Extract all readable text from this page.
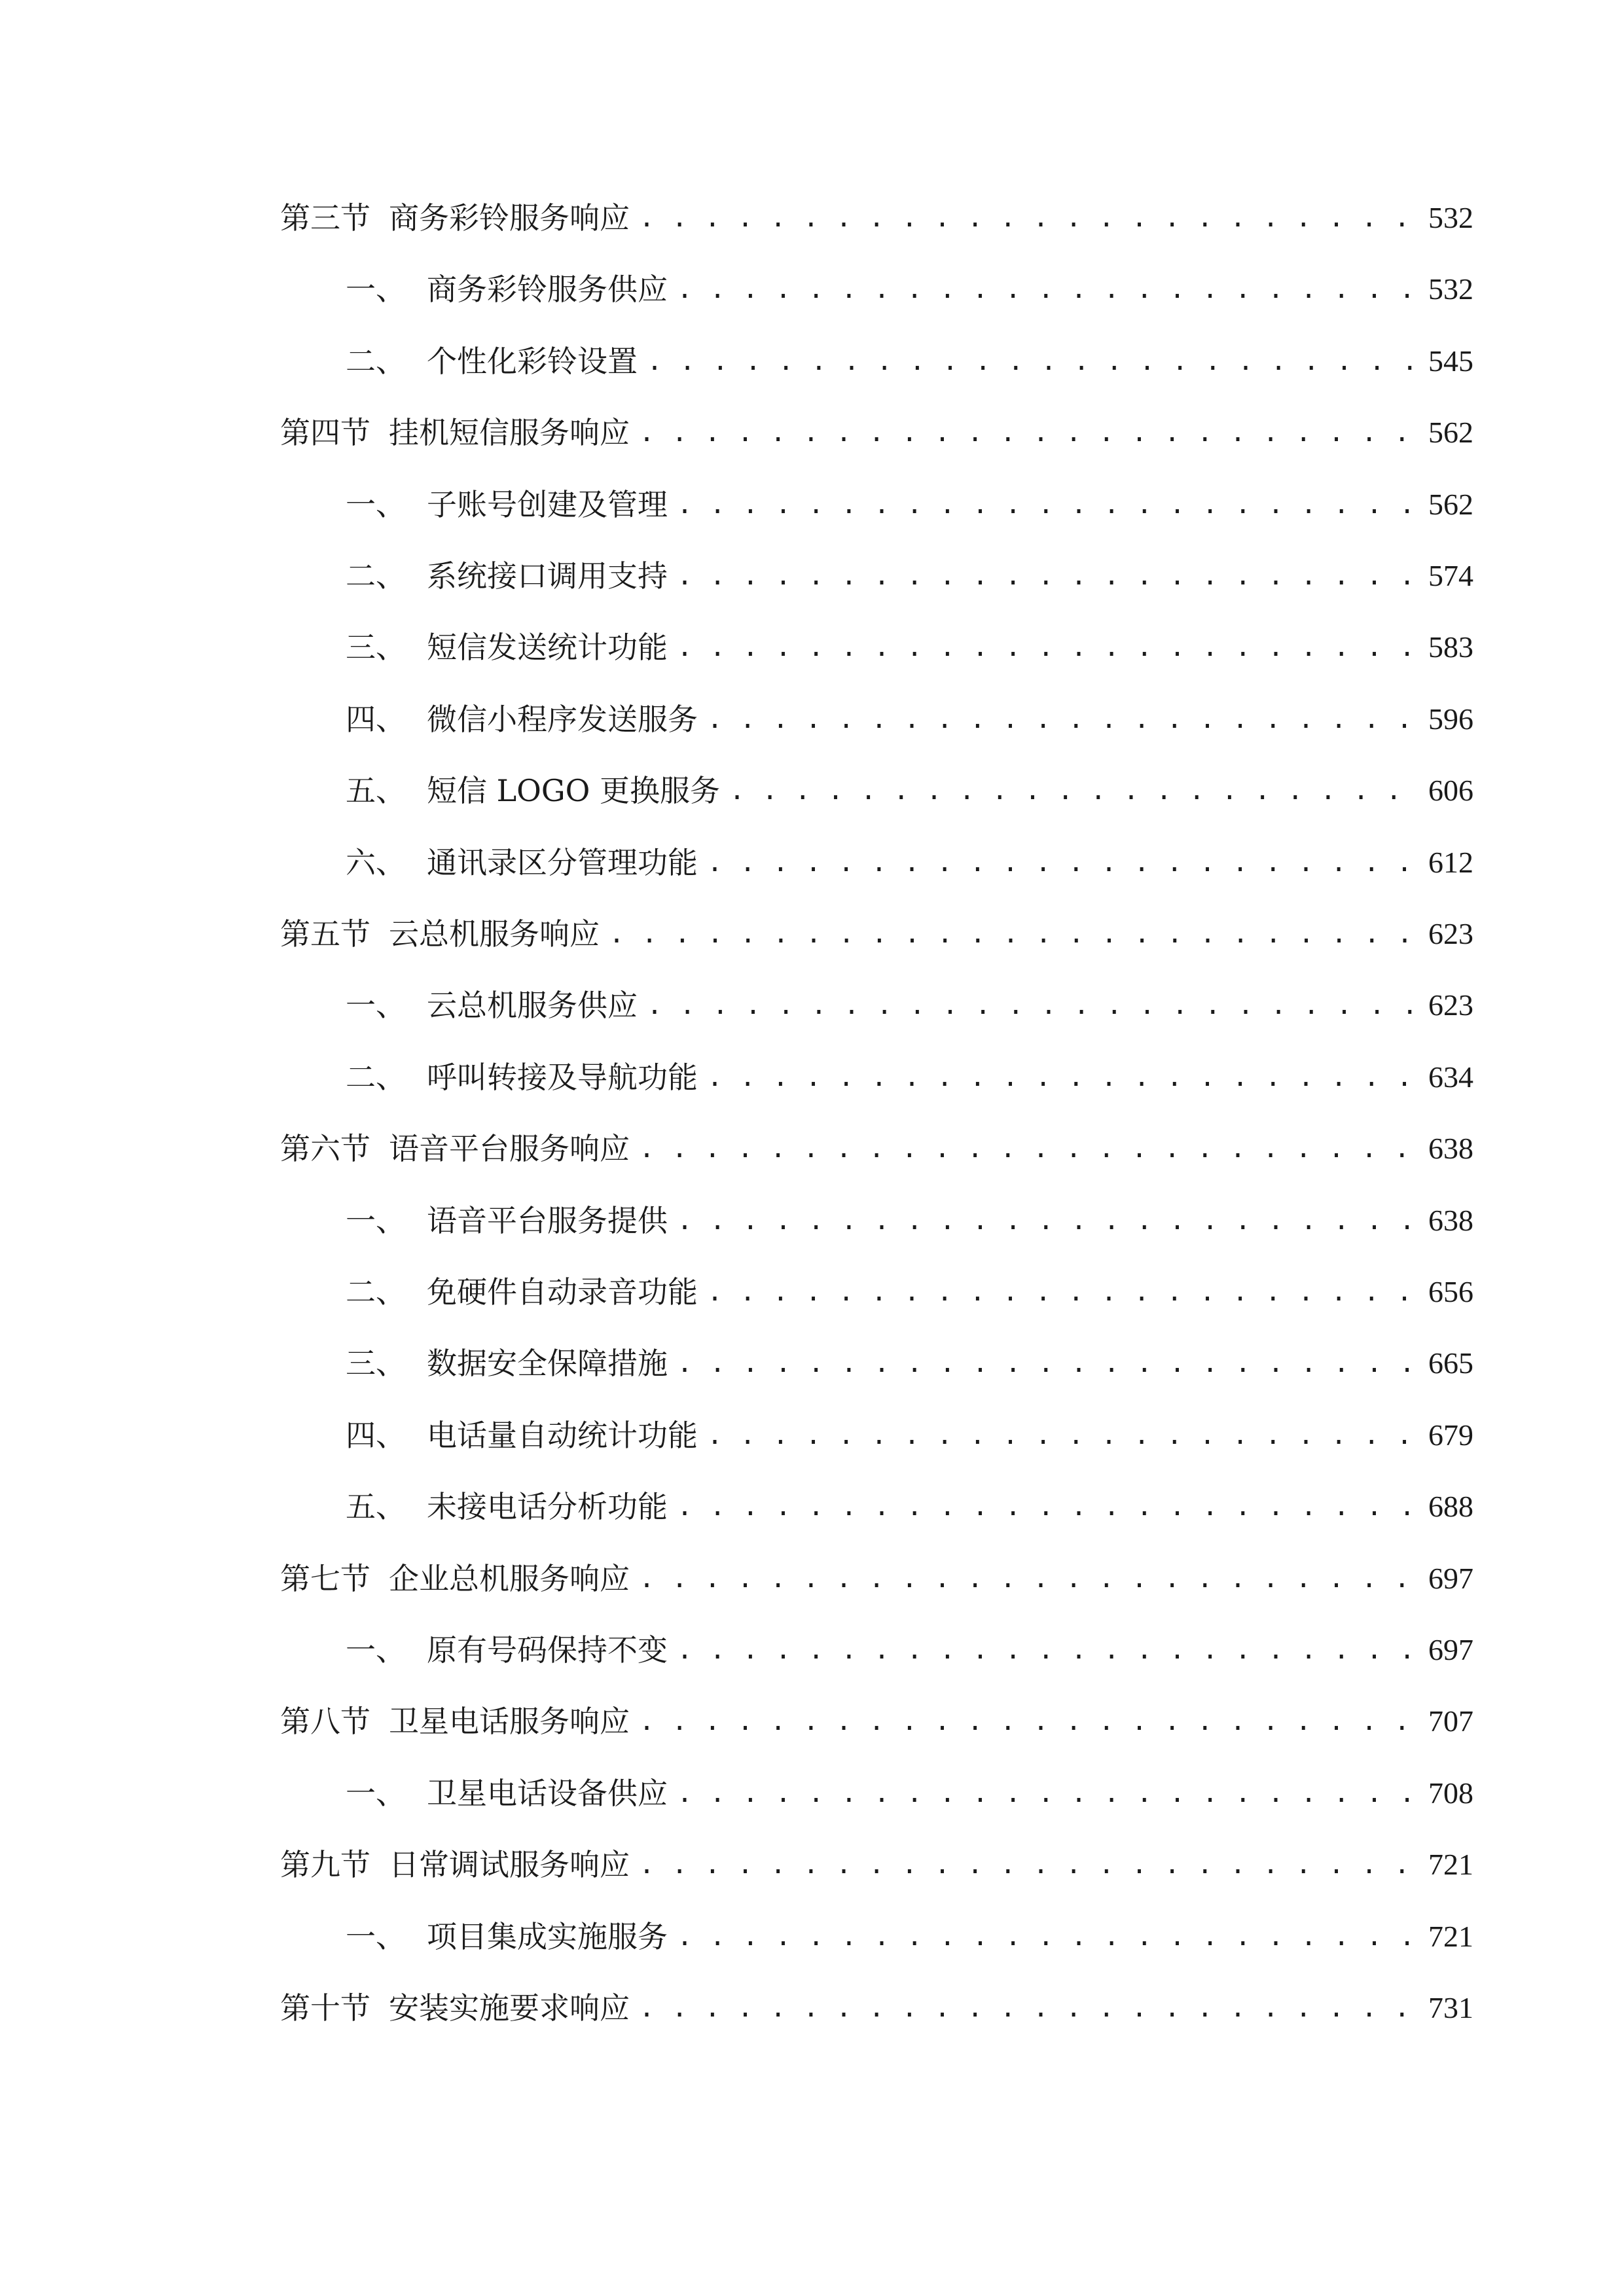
第三节 商务彩铃服务响应 . . .	532
一、 商务彩铃服务供应 . . .	532
二、 个性化彩铃设置 . . .	545
第四节 挂机短信服务响应 . . .	562
一、 子账号创建及管理 . . .	562
二、 系统接口调用支持 . . .	574
三、 短信发送统计功能 . . .	583
四、 微信小程序发送服务 . . .	596
五、 短信 LOGO 更换服务 . . .	606
六、 通讯录区分管理功能 . . .	612
第五节 云总机服务响应 . . .	623
一、 云总机服务供应 . . .	623
二、 呼叫转接及导航功能 . . .	634
第六节 语音平台服务响应 . . .	638
一、 语音平台服务提供 . . .	638
二、 免硬件自动录音功能 . . .	656
三、 数据安全保障措施 . . .	665
四、 电话量自动统计功能 . . .	679
五、 未接电话分析功能 . . .	688
第七节 企业总机服务响应 . . .	697
一、 原有号码保持不变 . . .	697
第八节 卫星电话服务响应 . . .	707
一、 卫星电话设备供应 . . .	708
第九节 日常调试服务响应 . . .	721
一、 项目集成实施服务 . . .	721
第十节 安装实施要求响应 . . .	731
